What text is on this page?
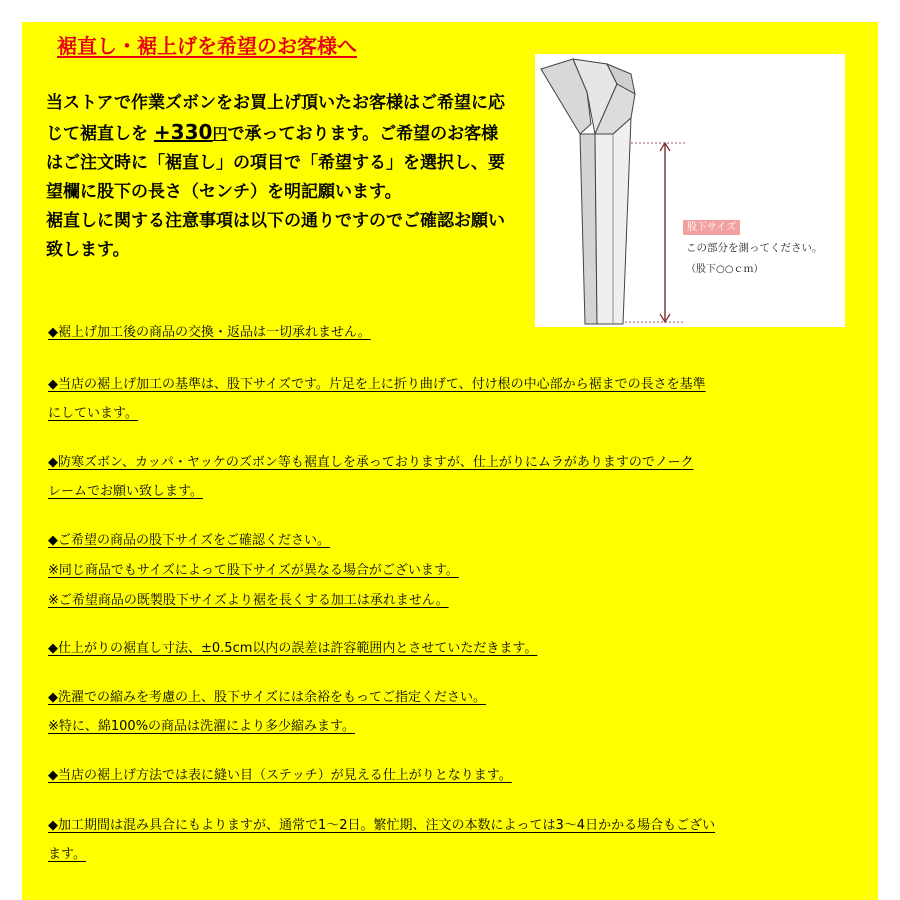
裾直し・裾上げを希望のお客様へ

当ストアで作業ズボンをお買上げ頂いたお客様はご希望に応じて裾直しを +330円で承っております。ご希望のお客様はご注文時に「裾直し」の項目で「希望する」を選択し、要望欄に股下の長さ（センチ）を明記願います。
裾直しに関する注意事項は以下の通りですのでご確認お願い致します。

股下サイズ
この部分を測ってください。
（股下○○ｃｍ）

◆裾上げ加工後の商品の交換・返品は一切承れません。

◆当店の裾上げ加工の基準は、股下サイズです。片足を上に折り曲げて、付け根の中心部から裾までの長さを基準

にしています。

◆防寒ズボン、カッパ・ヤッケのズボン等も裾直しを承っておりますが、仕上がりにムラがありますのでノーク

レームでお願い致します。

◆ご希望の商品の股下サイズをご確認ください。

※同じ商品でもサイズによって股下サイズが異なる場合がございます。

※ご希望商品の既製股下サイズより裾を長くする加工は承れません。

◆仕上がりの裾直し寸法、±0.5cm以内の誤差は許容範囲内とさせていただきます。

◆洗濯での縮みを考慮の上、股下サイズには余裕をもってご指定ください。

※特に、綿100%の商品は洗濯により多少縮みます。

◆当店の裾上げ方法では表に縫い目（ステッチ）が見える仕上がりとなります。

◆加工期間は混み具合にもよりますが、通常で1～2日。繁忙期、注文の本数によっては3～4日かかる場合もござい

ます。
